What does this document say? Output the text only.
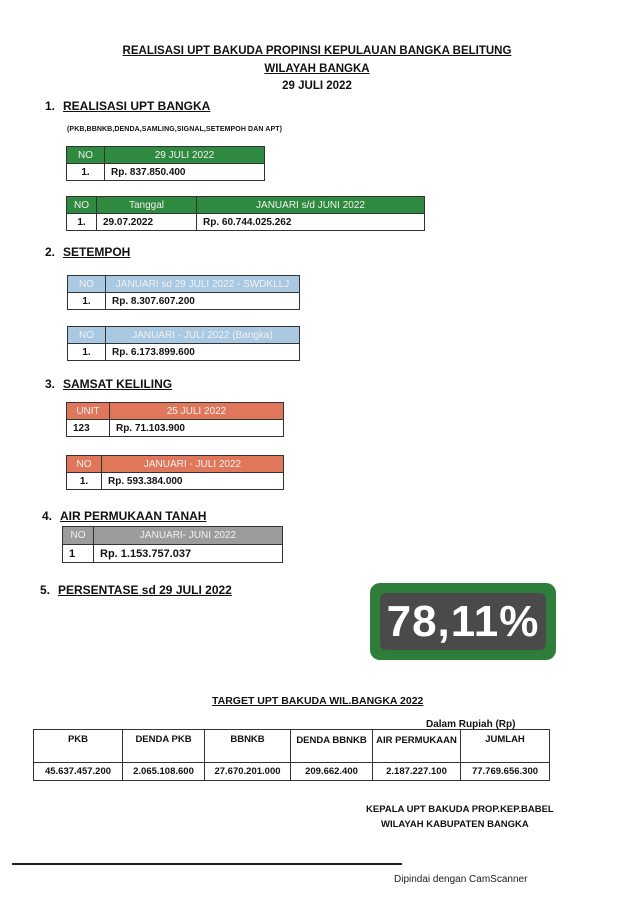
REALISASI UPT BAKUDA PROPINSI KEPULAUAN BANGKA BELITUNG
WILAYAH BANGKA
29 JULI 2022
1. REALISASI UPT BANGKA
(PKB,BBNKB,DENDA,SAMLING,SIGNAL,SETEMPOH DAN APT)
NO	29 JULI 2022
1.	Rp. 837.850.400
NO	Tanggal	JANUARI s/d JUNI 2022
1.	29.07.2022	Rp. 60.744.025.262
2. SETEMPOH
NO	JANUARI sd 29 JULI 2022 - SWDKLLJ
1.	Rp. 8.307.607.200
NO	JANUARI - JULI 2022 (Bangka)
1.	Rp. 6.173.899.600
3. SAMSAT KELILING
UNIT	25 JULI 2022
123	Rp. 71.103.900
NO	JANUARI - JULI 2022
1.	Rp. 593.384.000
4. AIR PERMUKAAN TANAH
NO	JANUARI- JUNI 2022
1	Rp. 1.153.757.037
5. PERSENTASE sd 29 JULI 2022
78,11%
TARGET UPT BAKUDA WIL.BANGKA 2022
Dalam Rupiah (Rp)
PKB	DENDA PKB	BBNKB	DENDA BBNKB	AIR PERMUKAAN	JUMLAH
45.637.457.200	2.065.108.600	27.670.201.000	209.662.400	2.187.227.100	77.769.656.300
KEPALA UPT BAKUDA PROP.KEP.BABEL
WILAYAH KABUPATEN BANGKA
Dipindai dengan CamScanner
